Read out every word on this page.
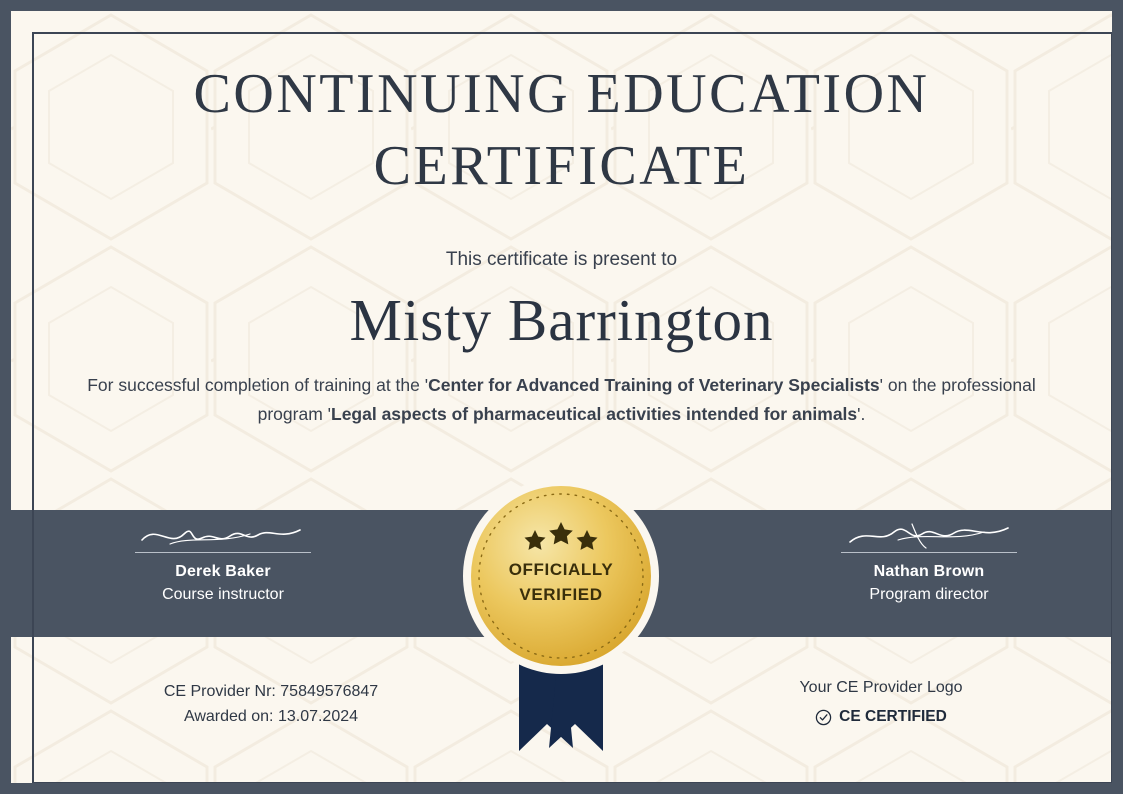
CONTINUING EDUCATION CERTIFICATE
This certificate is present to
Misty Barrington
For successful completion of training at the 'Center for Advanced Training of Veterinary Specialists' on the professional program 'Legal aspects of pharmaceutical activities intended for animals'.
CE Provider Nr: 75849576847
Awarded on: 13.07.2024
Your CE Provider Logo
CE CERTIFIED
Derek Baker
Course instructor
Nathan Brown
Program director
OFFICIALLY
VERIFIED
